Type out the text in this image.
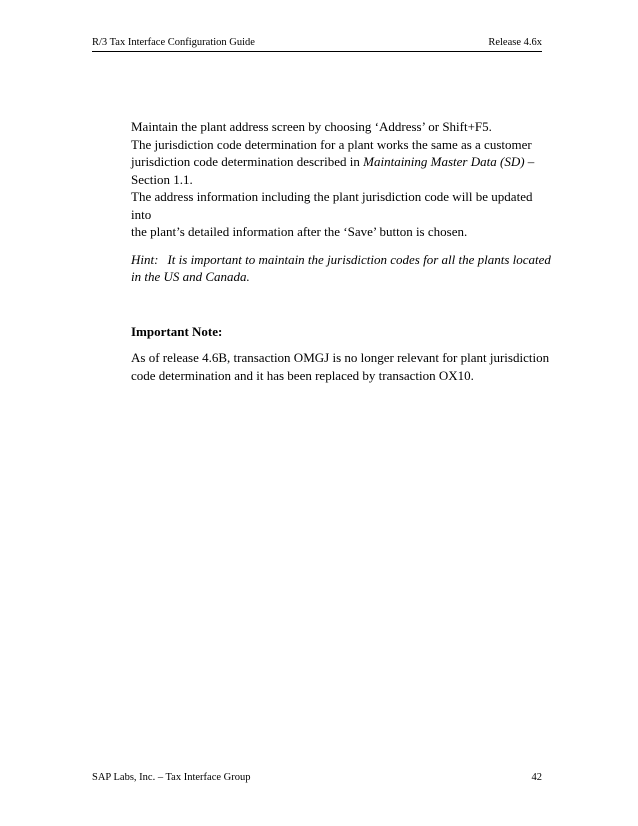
R/3 Tax Interface Configuration Guide	Release 4.6x

Maintain the plant address screen by choosing ‘Address’ or Shift+F5.

The jurisdiction code determination for a plant works the same as a customer

jurisdiction code determination described in Maintaining Master Data (SD) –

Section 1.1.

The address information including the plant jurisdiction code will be updated into

the plant’s detailed information after the ‘Save’ button is chosen.

Hint: It is important to maintain the jurisdiction codes for all the plants located

in the US and Canada.

Important Note:

As of release 4.6B, transaction OMGJ is no longer relevant for plant jurisdiction

code determination and it has been replaced by transaction OX10.

SAP Labs, Inc. – Tax Interface Group	42
